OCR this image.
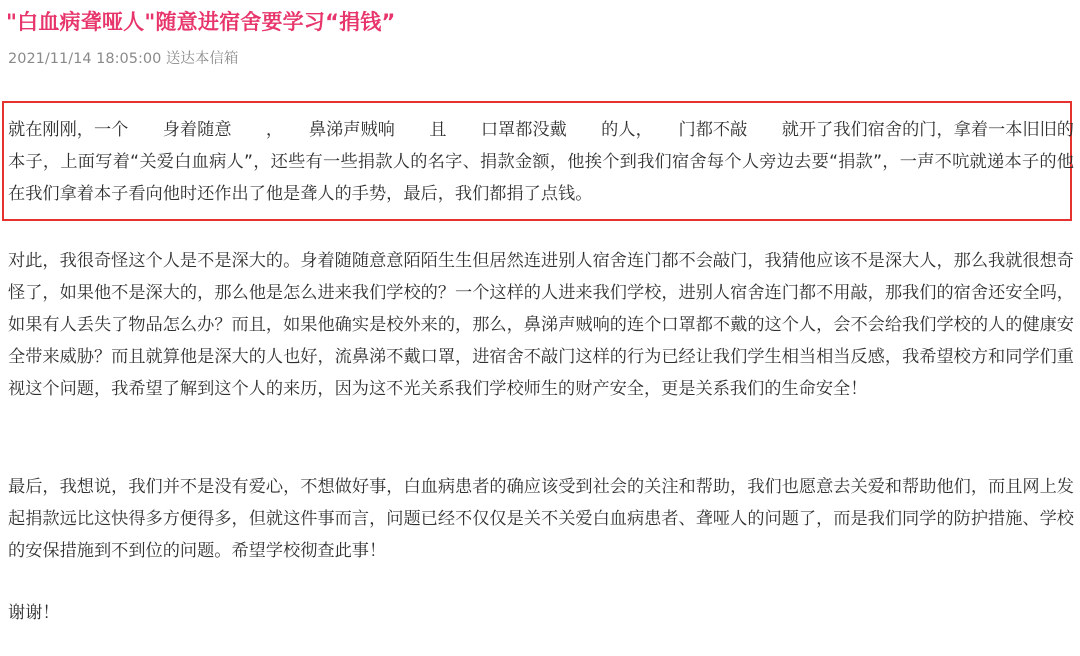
"白血病聋哑人"随意进宿舍要学习“捐钱”
2021/11/14 18:05:00 送达本信箱

就在刚刚，一个　　身着随意　　，　　鼻涕声贼响　　且　　口罩都没戴　　的人，　　门都不敲　　就开了我们宿舍的门，拿着一本旧旧的本子，上面写着“关爱白血病人”，还些有一些捐款人的名字、捐款金额，他挨个到我们宿舍每个人旁边去要“捐款”，一声不吭就递本子的他在我们拿着本子看向他时还作出了他是聋人的手势，最后，我们都捐了点钱。

对此，我很奇怪这个人是不是深大的。身着随随意意陌陌生生但居然连进别人宿舍连门都不会敲门，我猜他应该不是深大人，那么我就很想奇怪了，如果他不是深大的，那么他是怎么进来我们学校的？一个这样的人进来我们学校，进别人宿舍连门都不用敲，那我们的宿舍还安全吗，如果有人丢失了物品怎么办？而且，如果他确实是校外来的，那么，鼻涕声贼响的连个口罩都不戴的这个人，会不会给我们学校的人的健康安全带来威胁？而且就算他是深大的人也好，流鼻涕不戴口罩，进宿舍不敲门这样的行为已经让我们学生相当相当反感，我希望校方和同学们重视这个问题，我希望了解到这个人的来历，因为这不光关系我们学校师生的财产安全，更是关系我们的生命安全！

最后，我想说，我们并不是没有爱心，不想做好事，白血病患者的确应该受到社会的关注和帮助，我们也愿意去关爱和帮助他们，而且网上发起捐款远比这快得多方便得多，但就这件事而言，问题已经不仅仅是关不关爱白血病患者、聋哑人的问题了，而是我们同学的防护措施、学校的安保措施到不到位的问题。希望学校彻查此事！

谢谢！
